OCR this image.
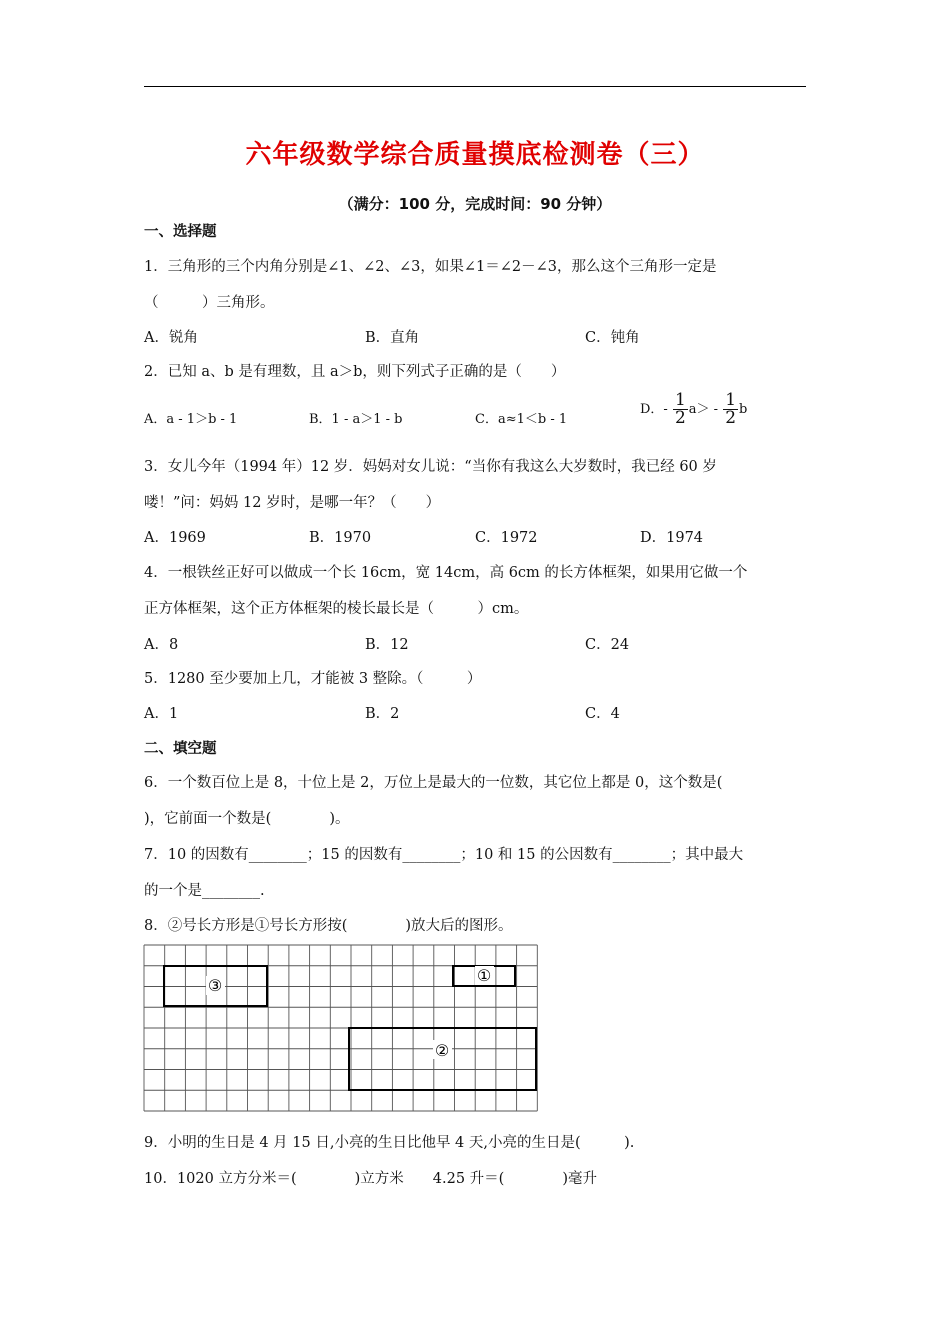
六年级数学综合质量摸底检测卷（三）
（满分：100 分，完成时间：90 分钟）
一、选择题
1．三角形的三个内角分别是∠1、∠2、∠3，如果∠1＝∠2－∠3，那么这个三角形一定是
（　　　）三角形。
A．锐角	B．直角	C．钝角
2．已知 a、b 是有理数，且 a＞b，则下列式子正确的是（　　）
A．a - 1＞b - 1	B．1 - a＞1 - b	C．a≈1＜b - 1
D．- $\frac{1}{2} a> - \frac{1}{2}$ b
3．女儿今年（1994 年）12 岁．妈妈对女儿说：“当你有我这么大岁数时，我已经 60 岁
喽！”问：妈妈 12 岁时，是哪一年？（　　）
A．1969	B．1970	C．1972	D．1974
4．一根铁丝正好可以做成一个长 16cm，宽 14cm，高 6cm 的长方体框架，如果用它做一个
正方体框架，这个正方体框架的棱长最长是（　　　）cm。
A．8	B．12	C．24
5．1280 至少要加上几，才能被 3 整除。（　　　）
A．1	B．2	C．4
二、填空题
6．一个数百位上是 8，十位上是 2，万位上是最大的一位数，其它位上都是 0，这个数是(
)，它前面一个数是(　　　　)。
7．10 的因数有________；15 的因数有________；10 和 15 的公因数有________；其中最大
的一个是________.
8．②号长方形是①号长方形按(　　　　)放大后的图形。
③
①
②
9．小明的生日是 4 月 15 日,小亮的生日比他早 4 天,小亮的生日是(　　　).
10．1020 立方分米＝(　　　　)立方米　　4.25 升＝(　　　　)毫升
